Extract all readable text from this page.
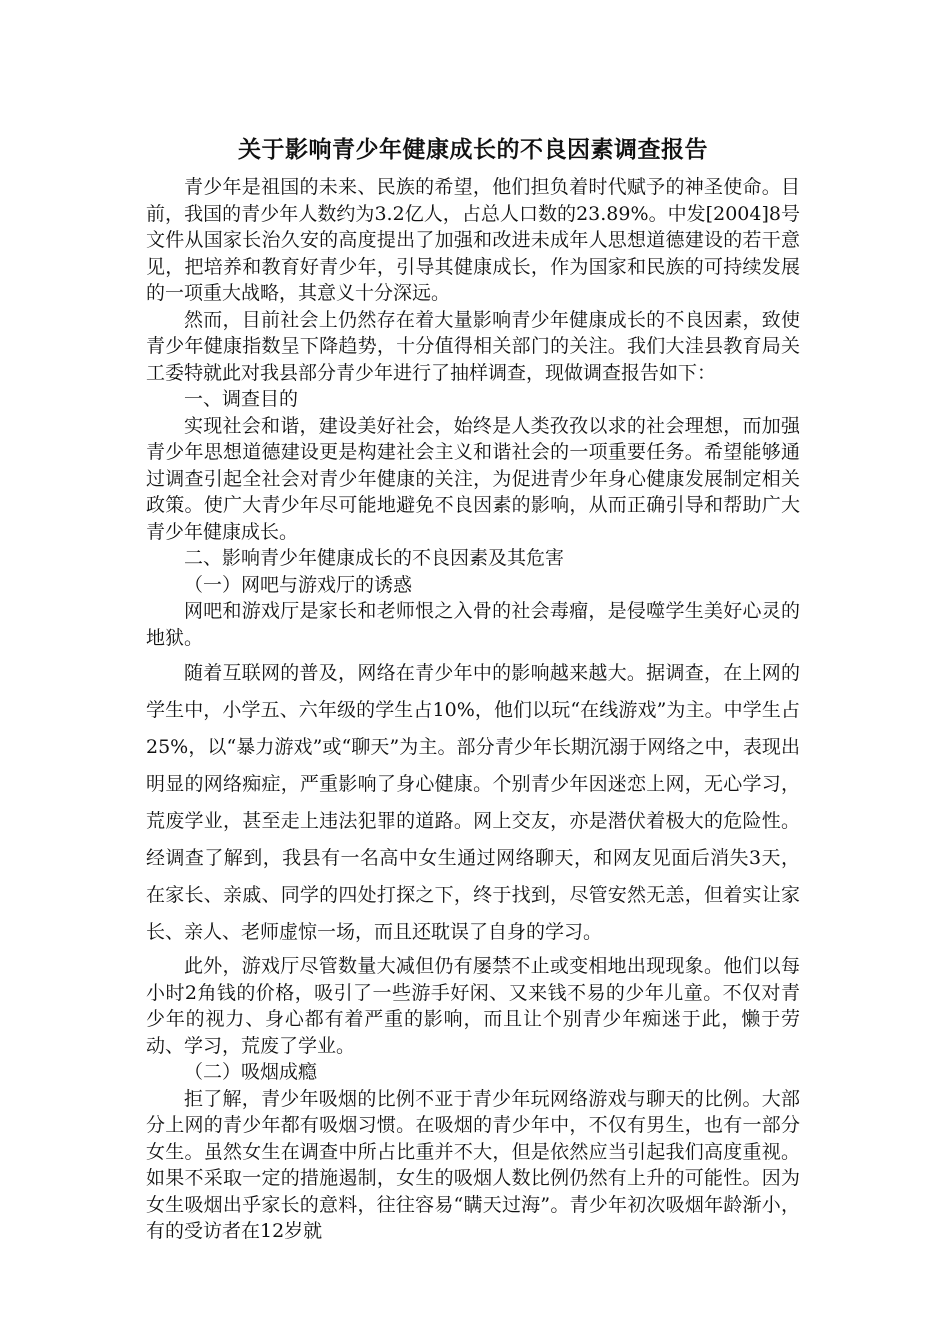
关于影响青少年健康成长的不良因素调查报告

青少年是祖国的未来、民族的希望，他们担负着时代赋予的神圣使命。目前，我国的青少年人数约为3.2亿人，占总人口数的23.89%。中发[2004]8号文件从国家长治久安的高度提出了加强和改进未成年人思想道德建设的若干意见，把培养和教育好青少年，引导其健康成长，作为国家和民族的可持续发展的一项重大战略，其意义十分深远。

然而，目前社会上仍然存在着大量影响青少年健康成长的不良因素，致使青少年健康指数呈下降趋势，十分值得相关部门的关注。我们大洼县教育局关工委特就此对我县部分青少年进行了抽样调查，现做调查报告如下：

一、调查目的

实现社会和谐，建设美好社会，始终是人类孜孜以求的社会理想，而加强青少年思想道德建设更是构建社会主义和谐社会的一项重要任务。希望能够通过调查引起全社会对青少年健康的关注，为促进青少年身心健康发展制定相关政策。使广大青少年尽可能地避免不良因素的影响，从而正确引导和帮助广大青少年健康成长。

二、影响青少年健康成长的不良因素及其危害

（一）网吧与游戏厅的诱惑

网吧和游戏厅是家长和老师恨之入骨的社会毒瘤，是侵噬学生美好心灵的地狱。

随着互联网的普及，网络在青少年中的影响越来越大。据调查，在上网的学生中，小学五、六年级的学生占10%，他们以玩“在线游戏”为主。中学生占25%，以“暴力游戏”或“聊天”为主。部分青少年长期沉溺于网络之中，表现出明显的网络痴症，严重影响了身心健康。个别青少年因迷恋上网，无心学习，荒废学业，甚至走上违法犯罪的道路。网上交友，亦是潜伏着极大的危险性。经调查了解到，我县有一名高中女生通过网络聊天，和网友见面后消失3天，在家长、亲戚、同学的四处打探之下，终于找到，尽管安然无恙，但着实让家长、亲人、老师虚惊一场，而且还耽误了自身的学习。

此外，游戏厅尽管数量大减但仍有屡禁不止或变相地出现现象。他们以每小时2角钱的价格，吸引了一些游手好闲、又来钱不易的少年儿童。不仅对青少年的视力、身心都有着严重的影响，而且让个别青少年痴迷于此，懒于劳动、学习，荒废了学业。

（二）吸烟成瘾

拒了解，青少年吸烟的比例不亚于青少年玩网络游戏与聊天的比例。大部分上网的青少年都有吸烟习惯。在吸烟的青少年中，不仅有男生，也有一部分女生。虽然女生在调查中所占比重并不大，但是依然应当引起我们高度重视。如果不采取一定的措施遏制，女生的吸烟人数比例仍然有上升的可能性。因为女生吸烟出乎家长的意料，往往容易“瞒天过海”。青少年初次吸烟年龄渐小，有的受访者在12岁就
